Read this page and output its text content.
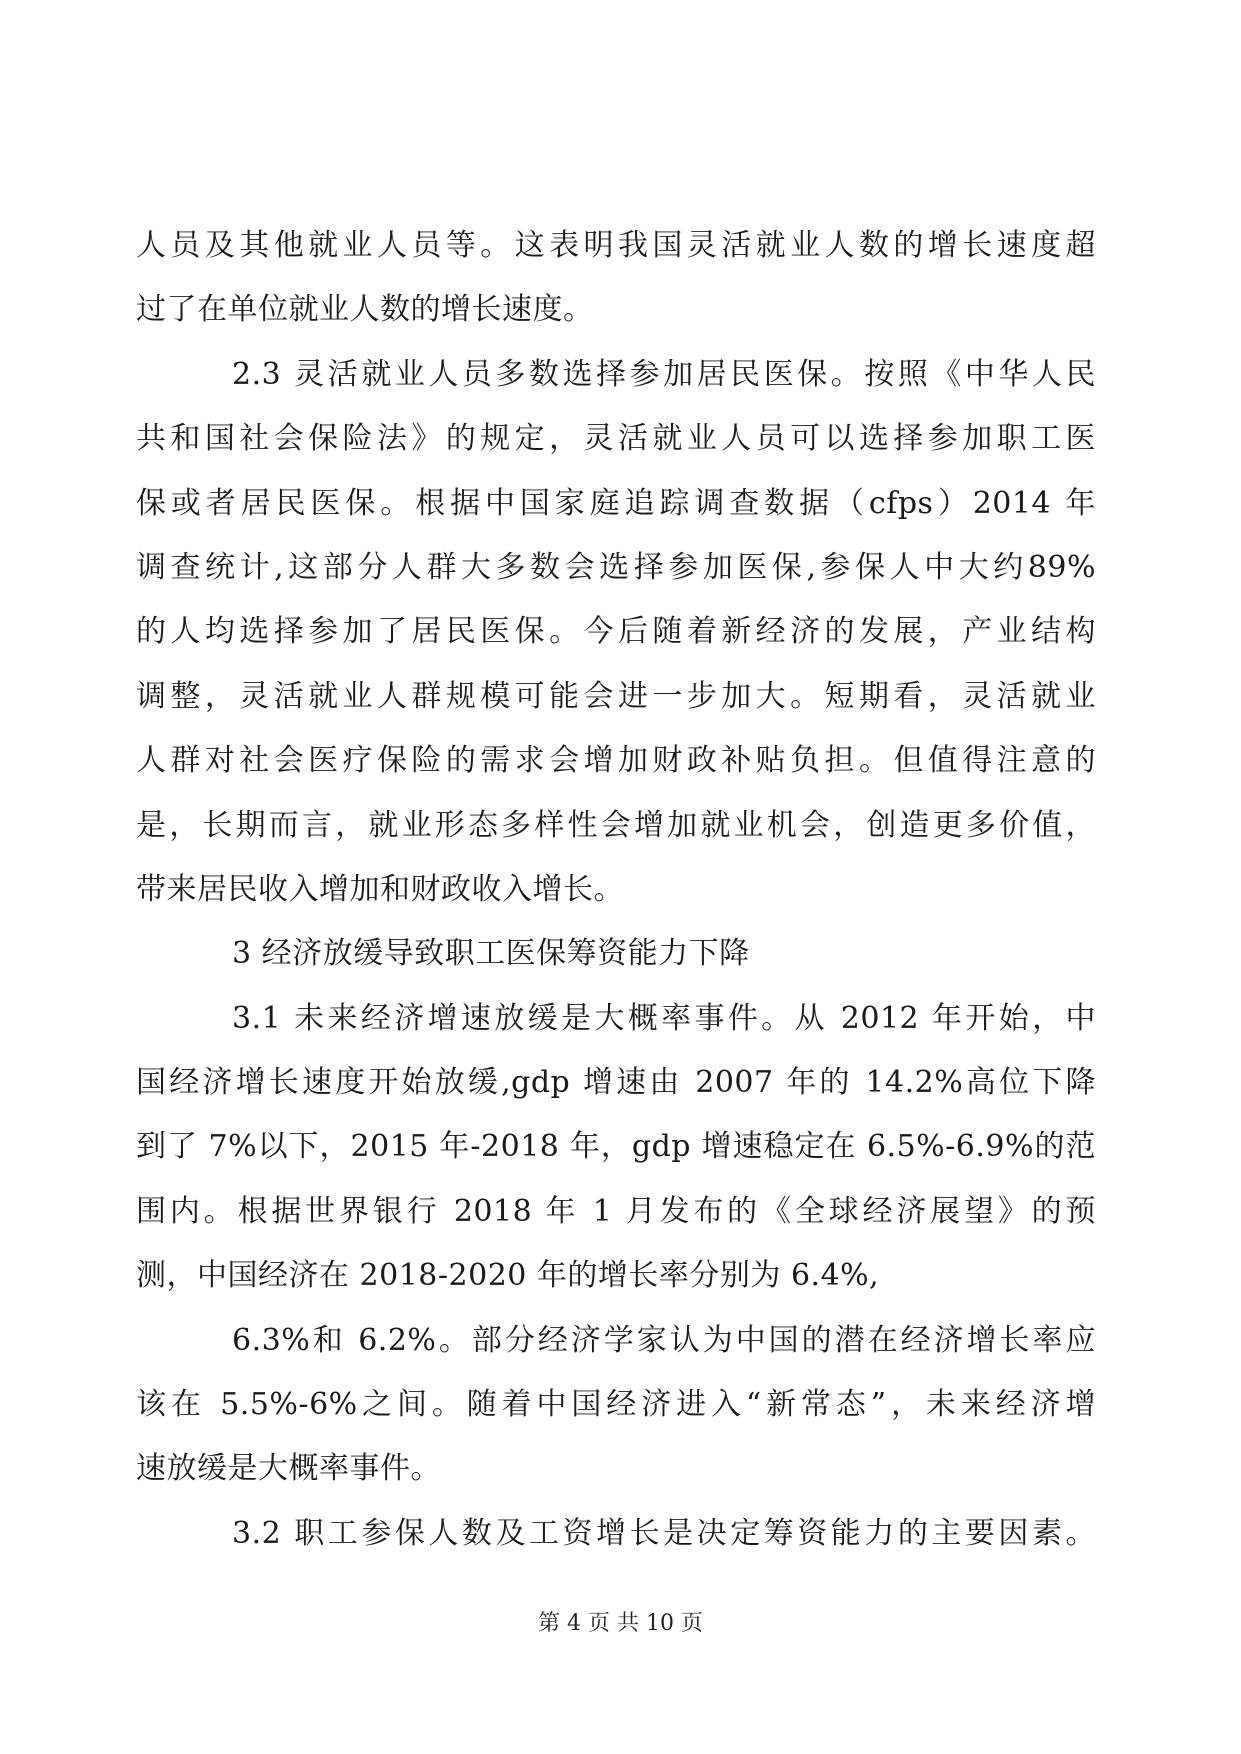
人员及其他就业人员等。这表明我国灵活就业人数的增长速度超
过了在单位就业人数的增长速度。
2.3 灵活就业人员多数选择参加居民医保。按照《中华人民
共和国社会保险法》的规定，灵活就业人员可以选择参加职工医
保或者居民医保。根据中国家庭追踪调查数据（cfps）2014 年
调查统计,这部分人群大多数会选择参加医保,参保人中大约89%
的人均选择参加了居民医保。今后随着新经济的发展，产业结构
调整，灵活就业人群规模可能会进一步加大。短期看，灵活就业
人群对社会医疗保险的需求会增加财政补贴负担。但值得注意的
是，长期而言，就业形态多样性会增加就业机会，创造更多价值，
带来居民收入增加和财政收入增长。
3 经济放缓导致职工医保筹资能力下降
3.1 未来经济增速放缓是大概率事件。从 2012 年开始，中
国经济增长速度开始放缓,gdp 增速由 2007 年的 14.2%高位下降
到了 7%以下，2015 年-2018 年，gdp 增速稳定在 6.5%-6.9%的范
围内。根据世界银行 2018 年 1 月发布的《全球经济展望》的预
测，中国经济在 2018-2020 年的增长率分别为 6.4%,
6.3%和 6.2%。部分经济学家认为中国的潜在经济增长率应
该在 5.5%-6%之间。随着中国经济进入“新常态”，未来经济增
速放缓是大概率事件。
3.2 职工参保人数及工资增长是决定筹资能力的主要因素。
第 4 页 共 10 页
